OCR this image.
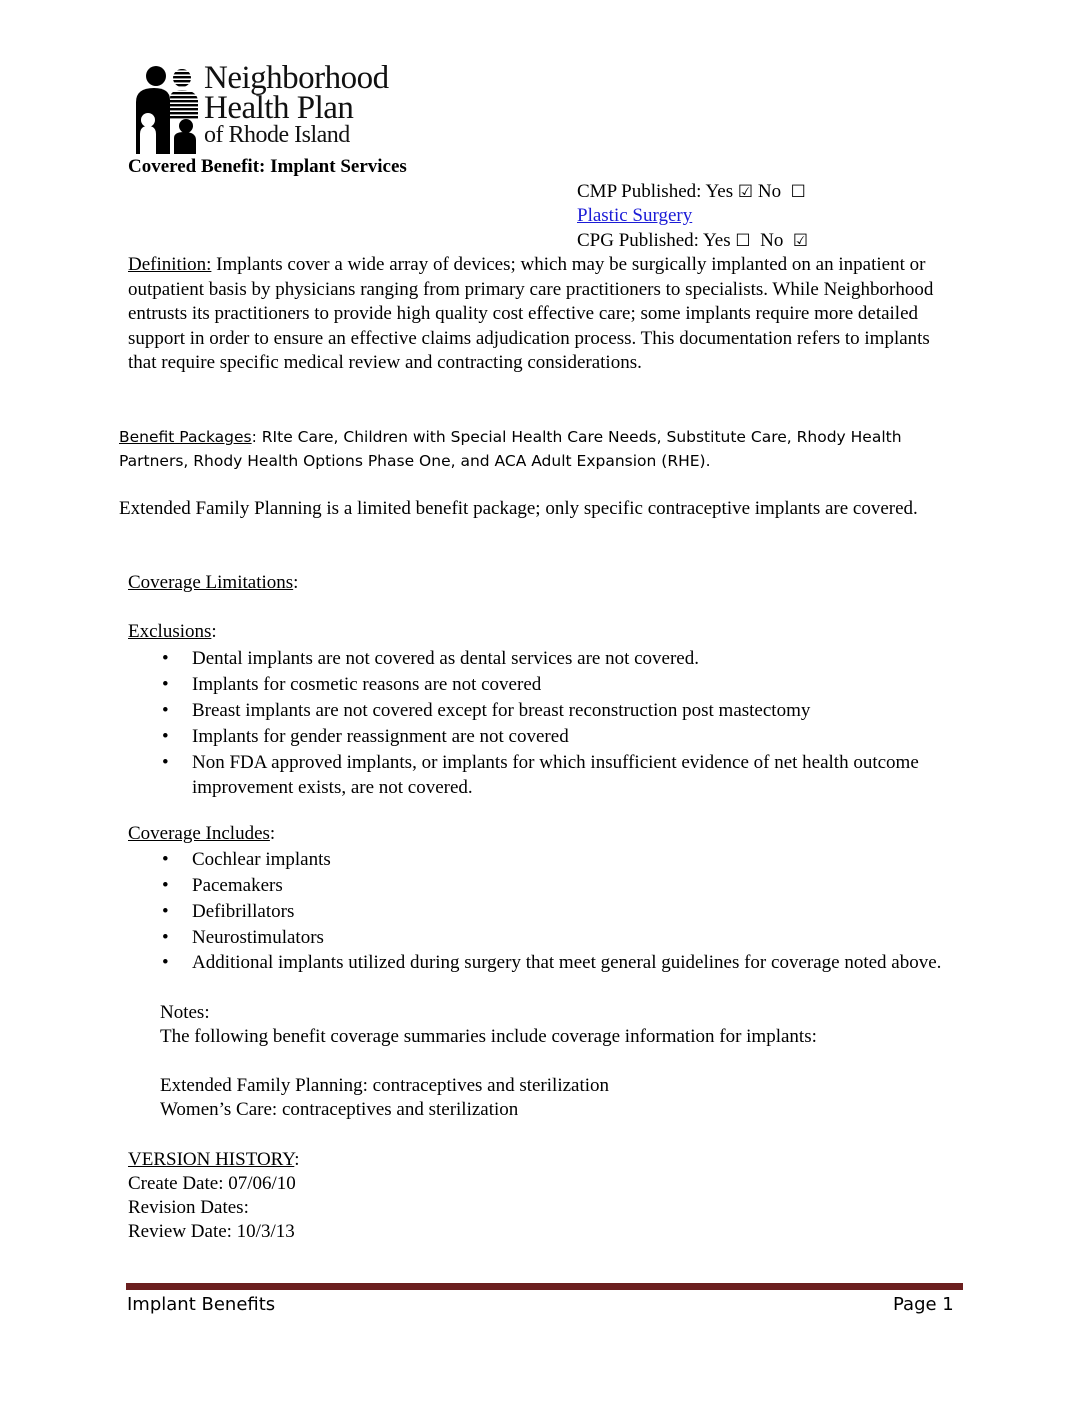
Neighborhood
Health Plan
of Rhode Island
Covered Benefit: Implant Services
CMP Published: Yes ☑ No ☐
Plastic Surgery
CPG Published: Yes ☐ No ☑
Definition: Implants cover a wide array of devices; which may be surgically implanted on an inpatient or outpatient basis by physicians ranging from primary care practitioners to specialists. While Neighborhood entrusts its practitioners to provide high quality cost effective care; some implants require more detailed support in order to ensure an effective claims adjudication process. This documentation refers to implants that require specific medical review and contracting considerations.
Benefit Packages: RIte Care, Children with Special Health Care Needs, Substitute Care, Rhody Health Partners, Rhody Health Options Phase One, and ACA Adult Expansion (RHE).
Extended Family Planning is a limited benefit package; only specific contraceptive implants are covered.
Coverage Limitations:
Exclusions:
• Dental implants are not covered as dental services are not covered.
• Implants for cosmetic reasons are not covered
• Breast implants are not covered except for breast reconstruction post mastectomy
• Implants for gender reassignment are not covered
• Non FDA approved implants, or implants for which insufficient evidence of net health outcome improvement exists, are not covered.
Coverage Includes:
• Cochlear implants
• Pacemakers
• Defibrillators
• Neurostimulators
• Additional implants utilized during surgery that meet general guidelines for coverage noted above.
Notes:
The following benefit coverage summaries include coverage information for implants:
Extended Family Planning: contraceptives and sterilization
Women’s Care: contraceptives and sterilization
VERSION HISTORY:
Create Date: 07/06/10
Revision Dates:
Review Date: 10/3/13
Implant Benefits	Page 1
